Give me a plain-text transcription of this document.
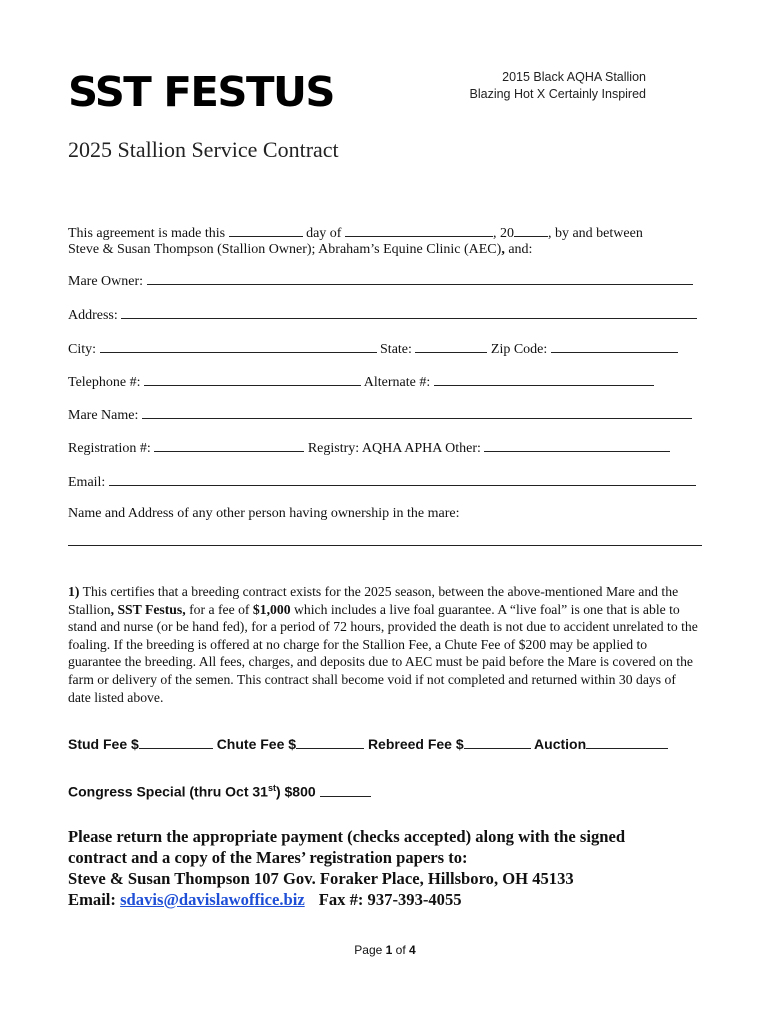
SST FESTUS	2015 Black AQHA Stallion
Blazing Hot X Certainly Inspired
2025 Stallion Service Contract
This agreement is made this	day of	, 20 , by and between
Steve & Susan Thompson (Stallion Owner); Abraham’s Equine Clinic (AEC), and:
Mare Owner:
Address:
City:	State:	Zip Code:
Telephone #:	Alternate #:
Mare Name:
Registration #:	Registry: AQHA APHA Other:
Email:
Name and Address of any other person having ownership in the mare:
1) This certifies that a breeding contract exists for the 2025 season, between the above-mentioned Mare and the Stallion, SST Festus, for a fee of $1,000 which includes a live foal guarantee. A “live foal” is one that is able to stand and nurse (or be hand fed), for a period of 72 hours, provided the death is not due to accident unrelated to the foaling. If the breeding is offered at no charge for the Stallion Fee, a Chute Fee of $200 may be applied to guarantee the breeding. All fees, charges, and deposits due to AEC must be paid before the Mare is covered on the farm or delivery of the semen. This contract shall become void if not completed and returned within 30 days of date listed above.
Stud Fee $	Chute Fee $	Rebreed Fee $	Auction
Congress Special (thru Oct 31st) $800
Please return the appropriate payment (checks accepted) along with the signed
contract and a copy of the Mares’ registration papers to:
Steve & Susan Thompson 107 Gov. Foraker Place, Hillsboro, OH 45133
Email: sdavis@davislawoffice.biz Fax #: 937-393-4055
Page 1 of 4
